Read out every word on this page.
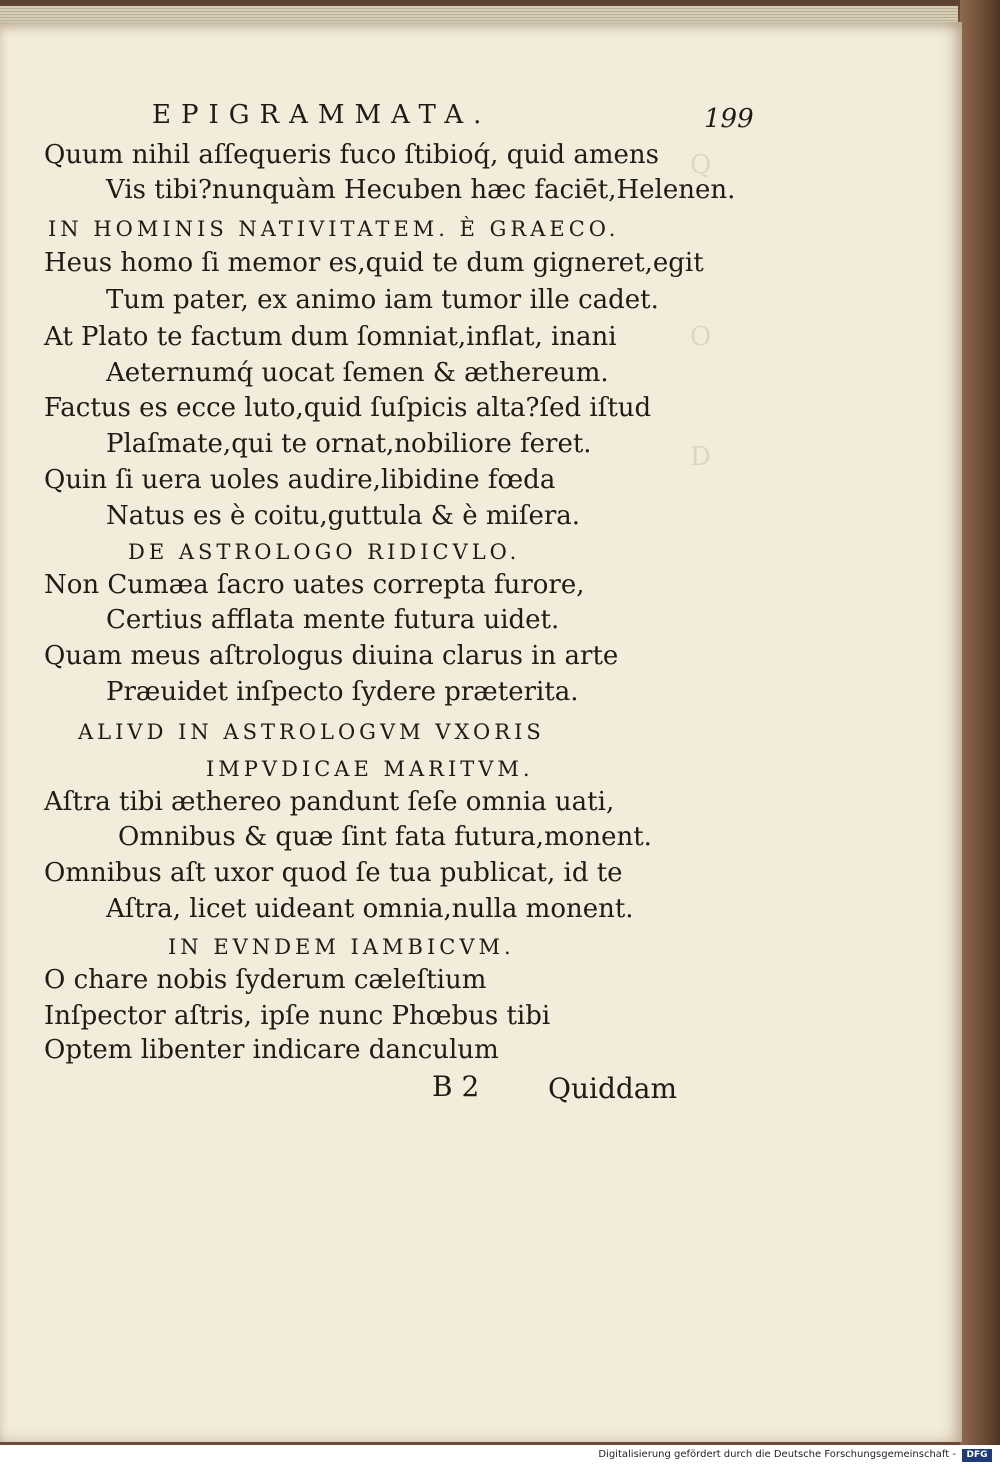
Q
O
D
EPIGRAMMATA.	199
Quum nihil aſſequeris fuco ſtibioq́, quid amens
Vis tibi?nunquàm Hecuben hæc faciēt,Helenen.
IN HOMINIS NATIVITATEM. È GRAECO.
Heus homo ſi memor es,quid te dum gigneret,egit
Tum pater, ex animo iam tumor ille cadet.
At Plato te factum dum ſomniat,inflat, inani
Aeternumq́ uocat ſemen & æthereum.
Factus es ecce luto,quid ſuſpicis alta?ſed iſtud
Plaſmate,qui te ornat,nobiliore feret.
Quin ſi uera uoles audire,libidine fœda
Natus es è coitu,guttula & è miſera.
DE ASTROLOGO RIDICVLO.
Non Cumæa ſacro uates correpta furore,
Certius afflata mente futura uidet.
Quam meus aſtrologus diuina clarus in arte
Præuidet inſpecto ſydere præterita.
ALIVD IN ASTROLOGVM VXORIS
IMPVDICAE MARITVM.
Aſtra tibi æthereo pandunt ſeſe omnia uati,
Omnibus & quæ ſint fata futura,monent.
Omnibus aſt uxor quod ſe tua publicat, id te
Aſtra, licet uideant omnia,nulla monent.
IN EVNDEM IAMBICVM.
O chare nobis ſyderum cæleſtium
Inſpector aſtris, ipſe nunc Phœbus tibi
Optem libenter indicare danculum
B 2 Quiddam
Digitalisierung gefördert durch die Deutsche Forschungsgemeinschaft -	DFG
